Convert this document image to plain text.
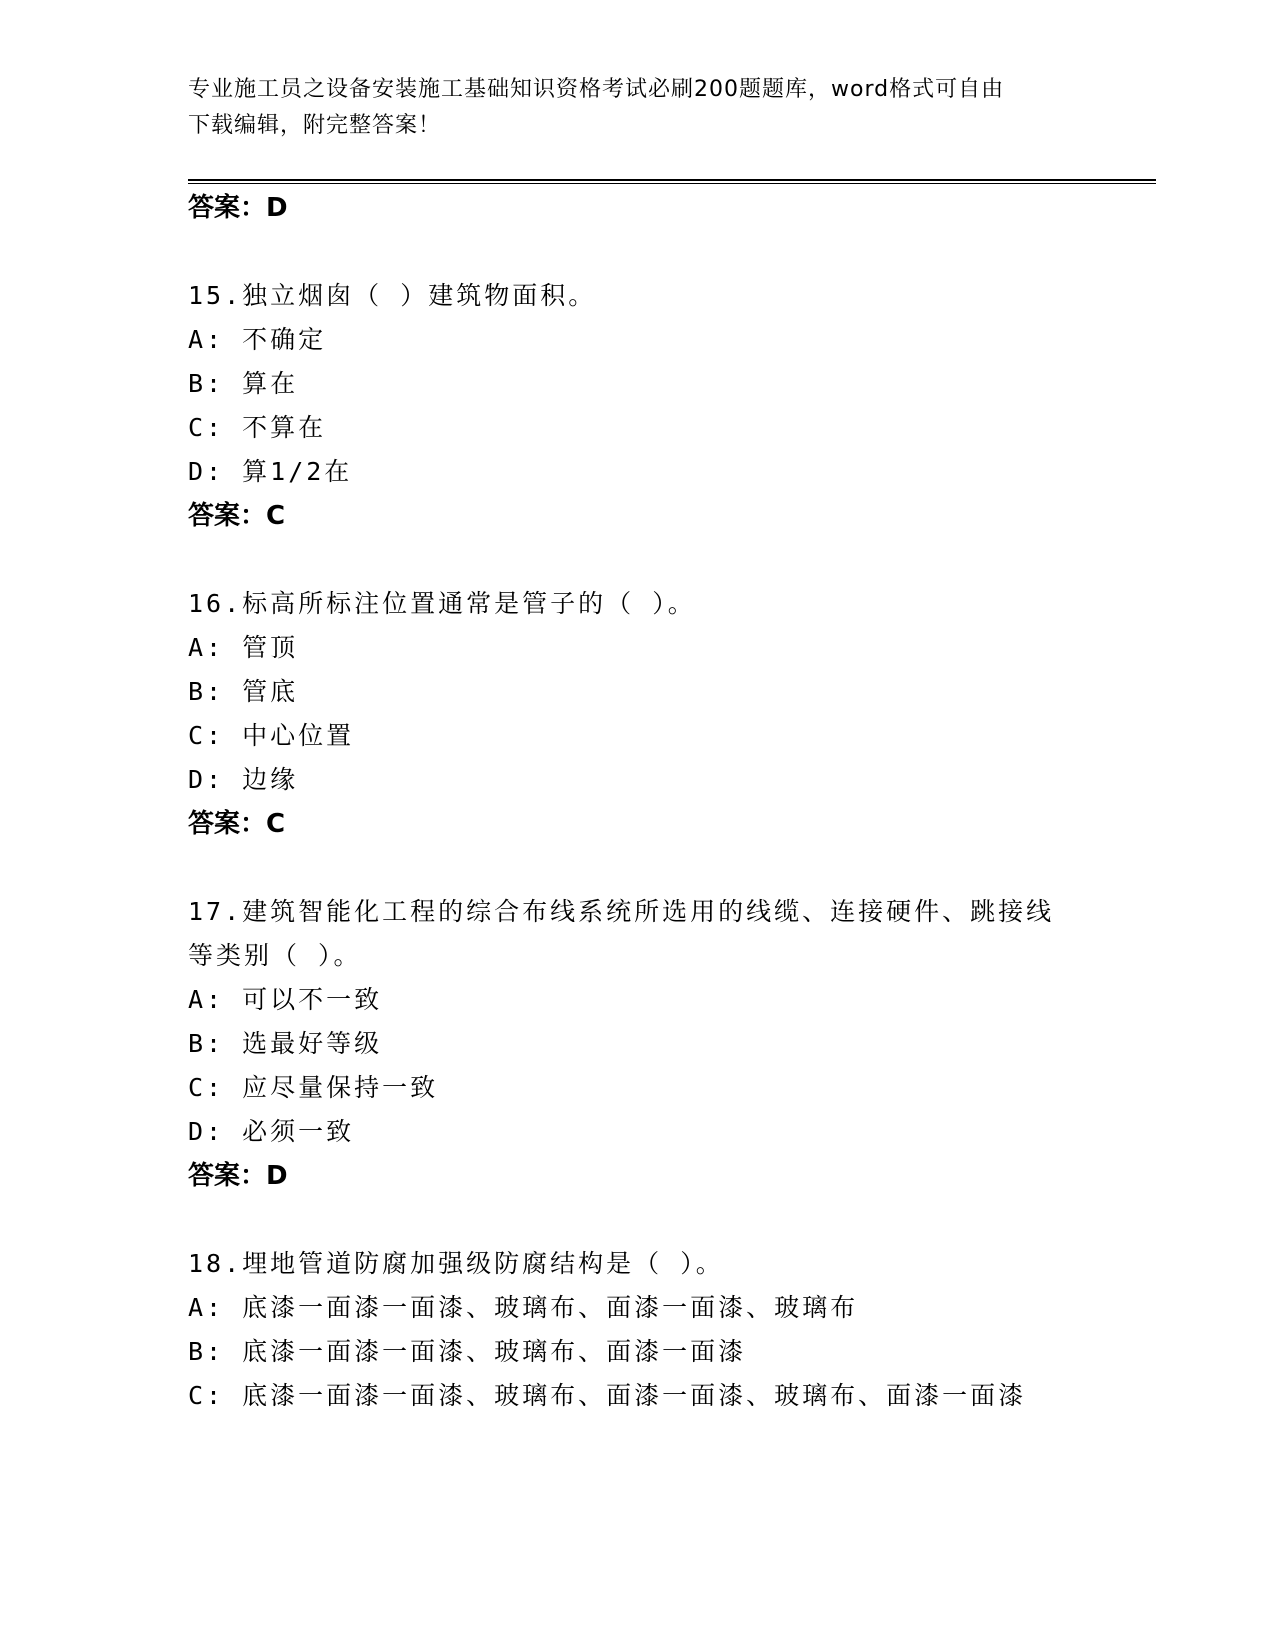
专业施工员之设备安装施工基础知识资格考试必刷200题题库，word格式可自由
下载编辑，附完整答案！
答案：D
15.独立烟囱（ ）建筑物面积。
A: 不确定
B: 算在
C: 不算在
D: 算1/2在
答案：C
16.标高所标注位置通常是管子的（ ）。
A: 管顶
B: 管底
C: 中心位置
D: 边缘
答案：C
17.建筑智能化工程的综合布线系统所选用的线缆、连接硬件、跳接线
等类别（ ）。
A: 可以不一致
B: 选最好等级
C: 应尽量保持一致
D: 必须一致
答案：D
18.埋地管道防腐加强级防腐结构是（ ）。
A: 底漆一面漆一面漆、玻璃布、面漆一面漆、玻璃布
B: 底漆一面漆一面漆、玻璃布、面漆一面漆
C: 底漆一面漆一面漆、玻璃布、面漆一面漆、玻璃布、面漆一面漆
